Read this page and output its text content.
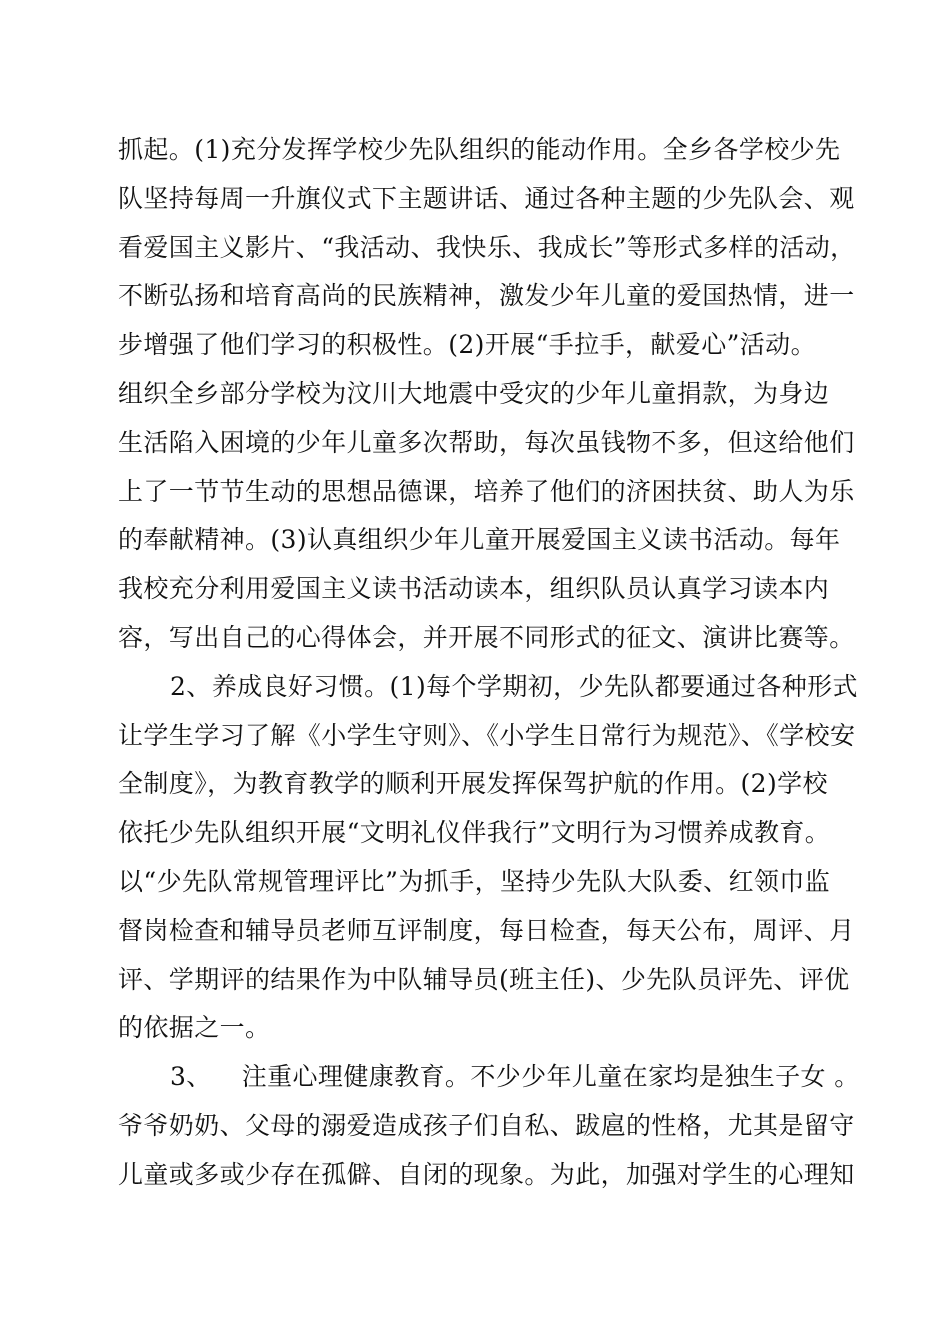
抓起。(1)充分发挥学校少先队组织的能动作用。全乡各学校少先
队坚持每周一升旗仪式下主题讲话、通过各种主题的少先队会、观
看爱国主义影片、“我活动、我快乐、我成长”等形式多样的活动，
不断弘扬和培育高尚的民族精神，激发少年儿童的爱国热情，进一
步增强了他们学习的积极性。(2)开展“手拉手，献爱心”活动。
组织全乡部分学校为汶川大地震中受灾的少年儿童捐款，为身边
生活陷入困境的少年儿童多次帮助，每次虽钱物不多，但这给他们
上了一节节生动的思想品德课，培养了他们的济困扶贫、助人为乐
的奉献精神。(3)认真组织少年儿童开展爱国主义读书活动。每年
我校充分利用爱国主义读书活动读本，组织队员认真学习读本内
容，写出自己的心得体会，并开展不同形式的征文、演讲比赛等。
2、养成良好习惯。(1)每个学期初，少先队都要通过各种形式
让学生学习了解《小学生守则》、《小学生日常行为规范》、《学校安
全制度》，为教育教学的顺利开展发挥保驾护航的作用。(2)学校
依托少先队组织开展“文明礼仪伴我行”文明行为习惯养成教育。
以“少先队常规管理评比”为抓手，坚持少先队大队委、红领巾监
督岗检查和辅导员老师互评制度，每日检查，每天公布，周评、月
评、学期评的结果作为中队辅导员(班主任)、少先队员评先、评优
的依据之一。
3、 注重心理健康教育。不少少年儿童在家均是独生子女 。
爷爷奶奶、父母的溺爱造成孩子们自私、跋扈的性格，尤其是留守
儿童或多或少存在孤僻、自闭的现象。为此，加强对学生的心理知
